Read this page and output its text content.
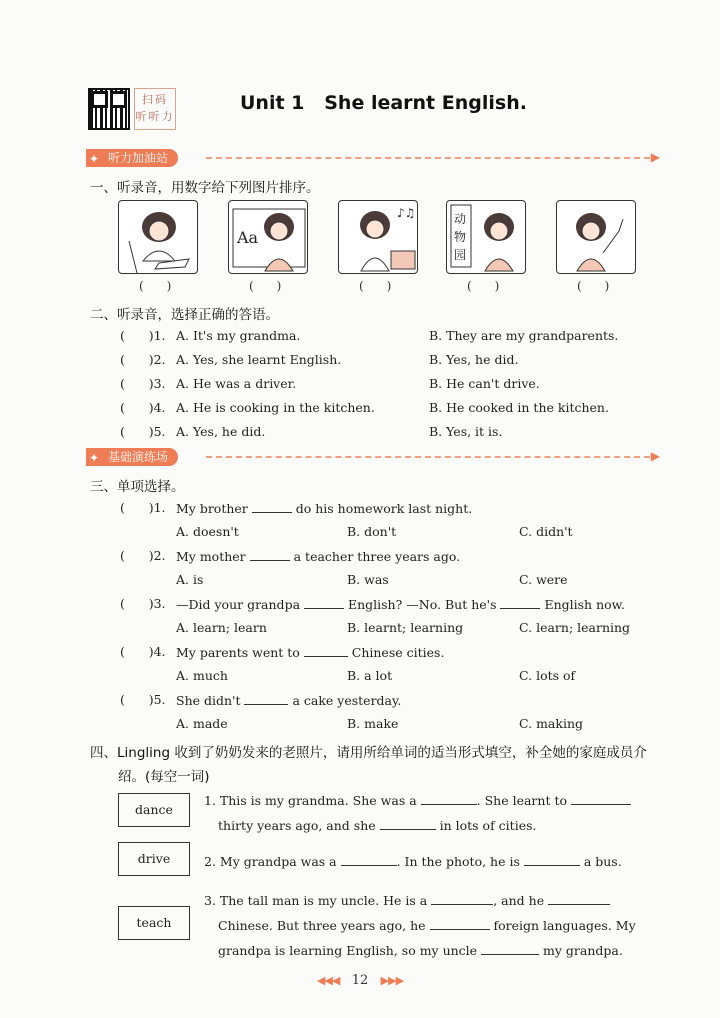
扫码
听听力
Unit 1   She learnt English.
✦ 听力加油站	▶
一、听录音，用数字给下列图片排序。
Aa
♪♫	动
物
园
(      )	(      )	(      )	(      )	(      )
二、听录音，选择正确的答语。
(      )1. A. It's my grandma.	B. They are my grandparents.
(      )2. A. Yes, she learnt English.	B. Yes, he did.
(      )3. A. He was a driver.	B. He can't drive.
(      )4. A. He is cooking in the kitchen.	B. He cooked in the kitchen.
(      )5. A. Yes, he did.	B. Yes, it is.
✦ 基础演练场	▶
三、单项选择。
(      )1. My brother	do his homework last night.
A. doesn't	B. don't	C. didn't
(      )2. My mother	a teacher three years ago.
A. is	B. was	C. were
(      )3. —Did your grandpa	English? —No. But he's	English now.
A. learn; learn	B. learnt; learning	C. learn; learning
(      )4. My parents went to	Chinese cities.
A. much	B. a lot	C. lots of
(      )5. She didn't	a cake yesterday.
A. made	B. make	C. making
四、Lingling 收到了奶奶发来的老照片，请用所给单词的适当形式填空，补全她的家庭成员介
绍。(每空一词)
dance
drive
teach
1. This is my grandma. She was a	. She learnt to
thirty years ago, and she	in lots of cities.
2. My grandpa was a	. In the photo, he is	a bus.
3. The tall man is my uncle. He is a	, and he
Chinese. But three years ago, he	foreign languages. My
grandpa is learning English, so my uncle	my grandpa.
◀◀◀ 12 ▶▶▶
